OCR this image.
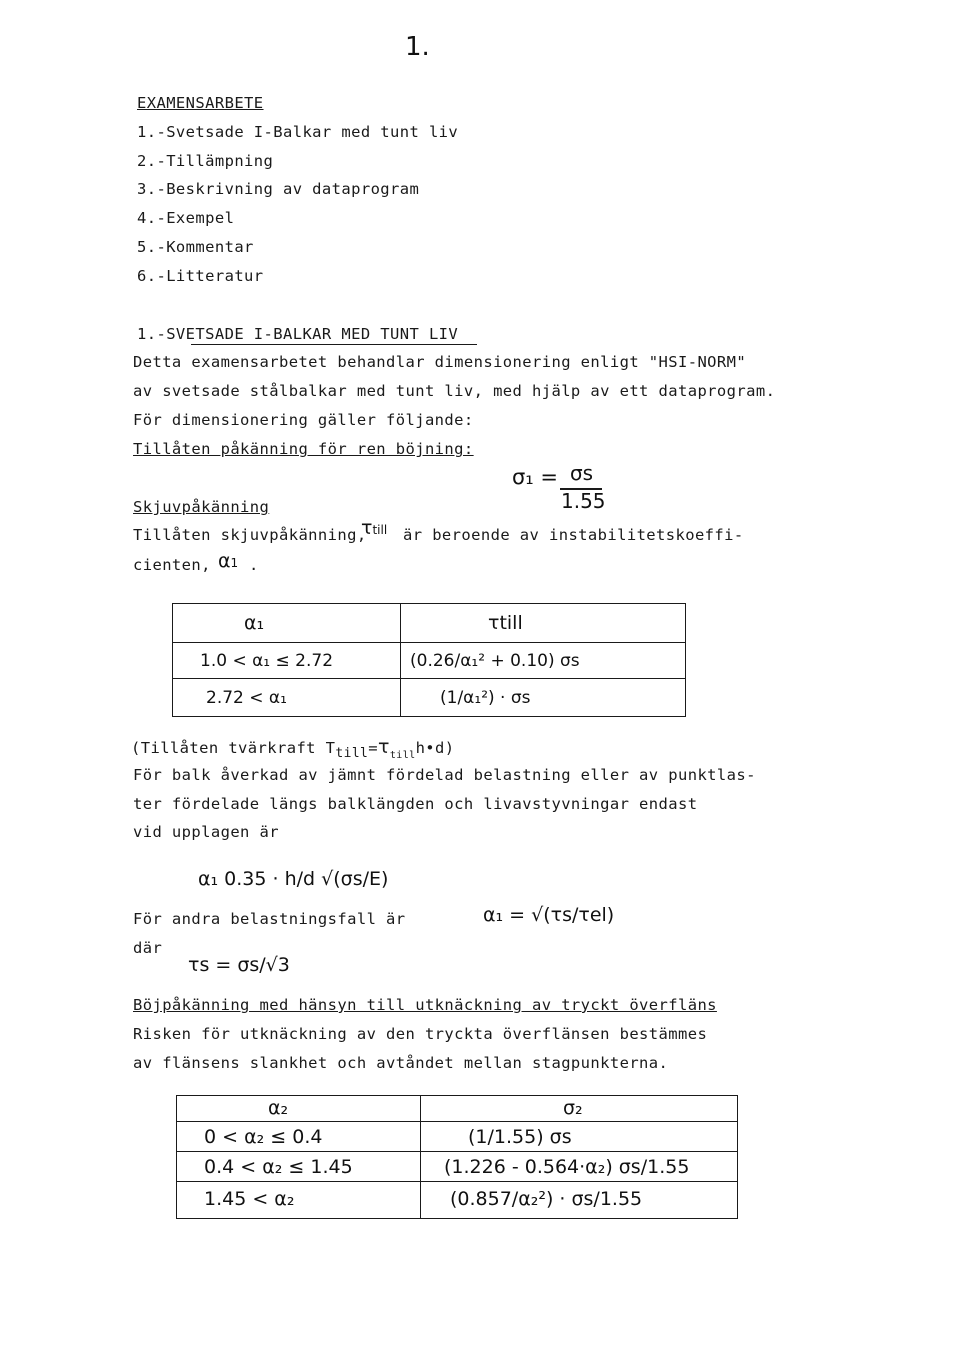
1.
EXAMENSARBETE
1.-Svetsade I-Balkar med tunt liv
2.-Tillämpning
3.-Beskrivning av dataprogram
4.-Exempel
5.-Kommentar
6.-Litteratur
1.-SVETSADE I-BALKAR MED TUNT LIV
Detta examensarbetet behandlar dimensionering enligt "HSI-NORM"
av svetsade stålbalkar med tunt liv, med hjälp av ett dataprogram.
För dimensionering gäller följande:
Tillåten påkänning för ren böjning:
σ₁ = σs
1.55
Skjuvpåkänning
Tillåten skjuvpåkänning,
τtill är beroende av instabilitetskoeffi-
cienten, α1 .
α₁	τtill
1.0 < α₁ ≤ 2.72	(0.26/α₁² + 0.10) σs
2.72 < α₁	(1/α₁²) · σs
(Tillåten tvärkraft $T_{till}=\tau_{till}h•d$)
För balk åverkad av jämnt fördelad belastning eller av punktlas-
ter fördelade längs balklängden och livavstyvningar endast
vid upplagen är
α₁ 0.35 · h/d √(σs/E)
För andra belastningsfall är	α₁ = √(τs/τel)
där
τs = σs/√3
Böjpåkänning med hänsyn till utknäckning av tryckt överfläns
Risken för utknäckning av den tryckta överflänsen bestämmes
av flänsens slankhet och avtåndet mellan stagpunkterna.
α₂	σ₂
0 < α₂ ≤ 0.4	(1/1.55) σs
0.4 < α₂ ≤ 1.45	(1.226 - 0.564·α₂) σs/1.55
1.45 < α₂	(0.857/α₂²) · σs/1.55
